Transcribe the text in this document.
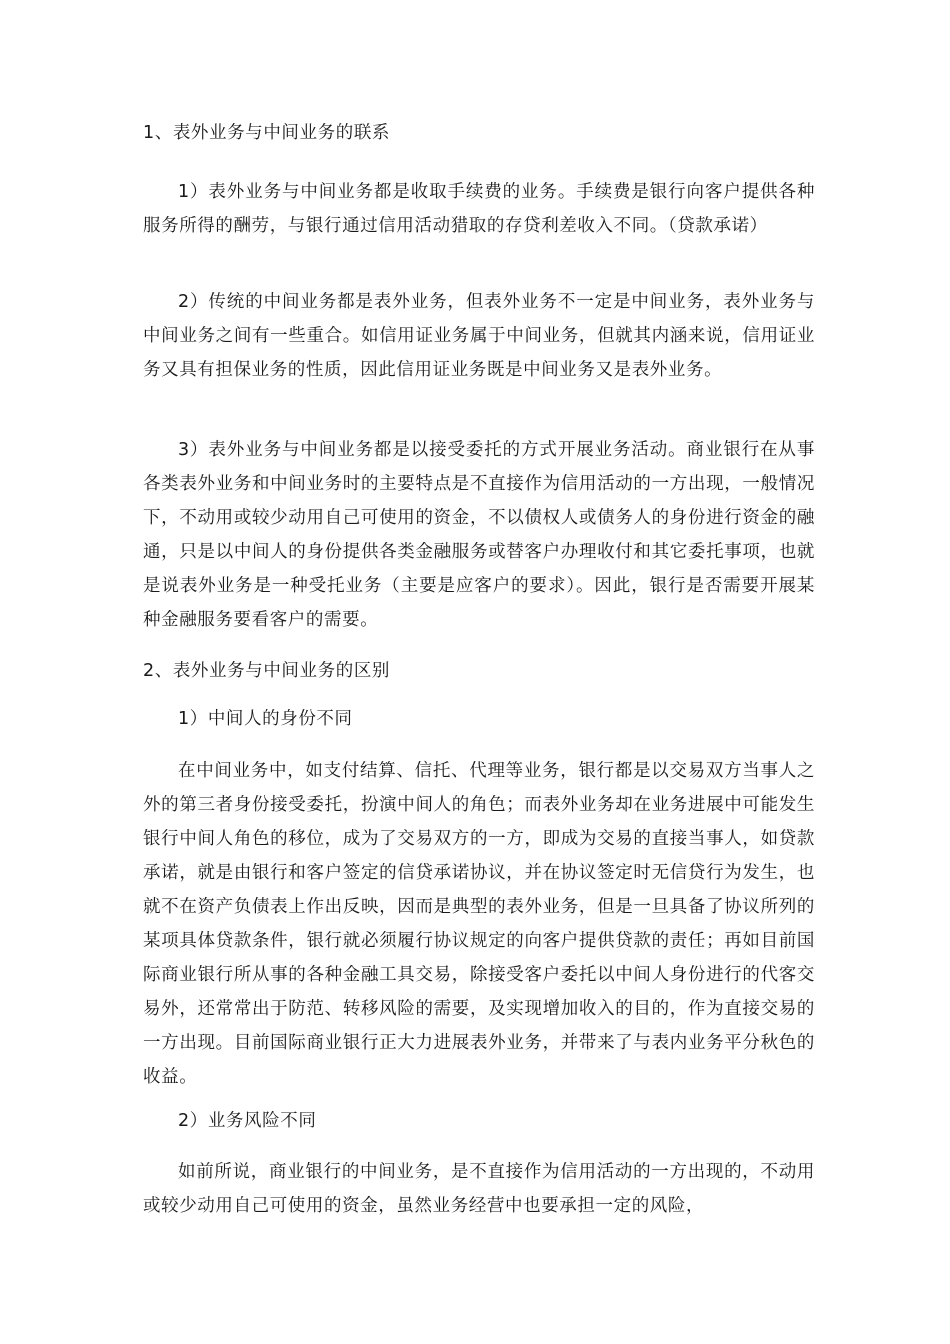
1、表外业务与中间业务的联系

1）表外业务与中间业务都是收取手续费的业务。手续费是银行向客户提供各种服务所得的酬劳，与银行通过信用活动猎取的存贷利差收入不同。（贷款承诺）

2）传统的中间业务都是表外业务，但表外业务不一定是中间业务，表外业务与中间业务之间有一些重合。如信用证业务属于中间业务，但就其内涵来说，信用证业务又具有担保业务的性质，因此信用证业务既是中间业务又是表外业务。

3）表外业务与中间业务都是以接受委托的方式开展业务活动。商业银行在从事各类表外业务和中间业务时的主要特点是不直接作为信用活动的一方出现，一般情况下，不动用或较少动用自己可使用的资金，不以债权人或债务人的身份进行资金的融通，只是以中间人的身份提供各类金融服务或替客户办理收付和其它委托事项，也就是说表外业务是一种受托业务（主要是应客户的要求）。因此，银行是否需要开展某种金融服务要看客户的需要。

2、表外业务与中间业务的区别

1）中间人的身份不同

在中间业务中，如支付结算、信托、代理等业务，银行都是以交易双方当事人之外的第三者身份接受委托，扮演中间人的角色；而表外业务却在业务进展中可能发生银行中间人角色的移位，成为了交易双方的一方，即成为交易的直接当事人，如贷款承诺，就是由银行和客户签定的信贷承诺协议，并在协议签定时无信贷行为发生，也就不在资产负债表上作出反映，因而是典型的表外业务，但是一旦具备了协议所列的某项具体贷款条件，银行就必须履行协议规定的向客户提供贷款的责任；再如目前国际商业银行所从事的各种金融工具交易，除接受客户委托以中间人身份进行的代客交易外，还常常出于防范、转移风险的需要，及实现增加收入的目的，作为直接交易的一方出现。目前国际商业银行正大力进展表外业务，并带来了与表内业务平分秋色的收益。

2）业务风险不同

如前所说，商业银行的中间业务，是不直接作为信用活动的一方出现的，不动用或较少动用自己可使用的资金，虽然业务经营中也要承担一定的风险，
